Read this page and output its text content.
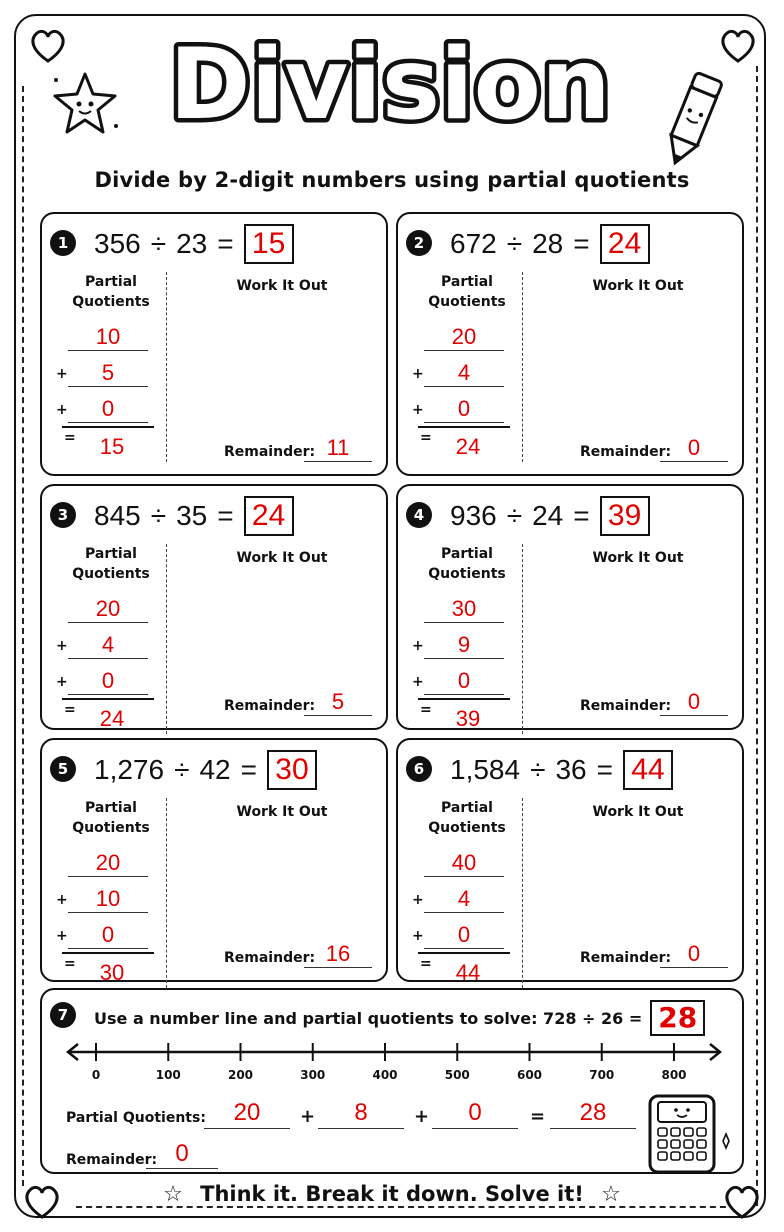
Division
Divide by 2-digit numbers using partial quotients
1 356 ÷ 23 = 15
Partial
Quotients
Work It Out
10
+	5
+	0
=	15	Remainder: 11
2 672 ÷ 28 = 24
Partial
Quotients
Work It Out
20
+	4
+	0
=	24	Remainder: 0
3 845 ÷ 35 = 24
Partial
Quotients
Work It Out
20
+	4
+	0
=	24	Remainder: 5
4 936 ÷ 24 = 39
Partial
Quotients
Work It Out
30
+	9
+	0
=	39	Remainder: 0
5 1,276 ÷ 42 = 30
Partial
Quotients
Work It Out
20
+	10
+	0
=	30
Remainder: 16
6 1,584 ÷ 36 = 44
Partial
Quotients
Work It Out
40
+	4
+	0
=	44
Remainder: 0
7	Use a number line and partial quotients to solve: 728 ÷ 26 = 28
0	100	200	300	400	500	600	700	800
Partial Quotients:	20	+	8	+	0	=	28
Remainder: 0
☆ Think it. Break it down. Solve it! ☆
